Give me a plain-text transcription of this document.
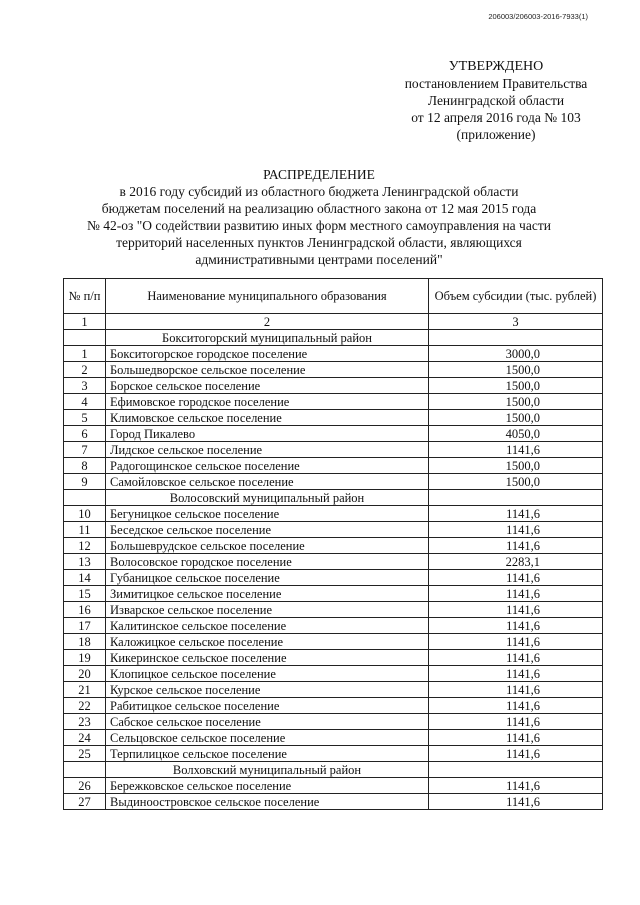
206003/206003-2016-7933(1)
УТВЕРЖДЕНО
постановлением Правительства
Ленинградской области
от 12 апреля 2016 года № 103
(приложение)
РАСПРЕДЕЛЕНИЕ
в 2016 году субсидий из областного бюджета Ленинградской области
бюджетам поселений на реализацию областного закона от 12 мая 2015 года
№ 42-оз "О содействии развитию иных форм местного самоуправления на части
территорий населенных пунктов Ленинградской области, являющихся
административными центрами поселений"
№ п/п	Наименование муниципального образования	Объем субсидии (тыс. рублей)
1	2	3
	Бокситогорский муниципальный район	
1	Бокситогорское городское поселение	3000,0
2	Большедворское сельское поселение	1500,0
3	Борское сельское поселение	1500,0
4	Ефимовское городское поселение	1500,0
5	Климовское сельское поселение	1500,0
6	Город Пикалево	4050,0
7	Лидское сельское поселение	1141,6
8	Радогощинское сельское поселение	1500,0
9	Самойловское сельское поселение	1500,0
	Волосовский муниципальный район	
10	Бегуницкое сельское поселение	1141,6
11	Беседское сельское поселение	1141,6
12	Большеврудское сельское поселение	1141,6
13	Волосовское городское поселение	2283,1
14	Губаницкое сельское поселение	1141,6
15	Зимитицкое сельское поселение	1141,6
16	Изварское сельское поселение	1141,6
17	Калитинское сельское поселение	1141,6
18	Каложицкое сельское поселение	1141,6
19	Кикеринское сельское поселение	1141,6
20	Клопицкое сельское поселение	1141,6
21	Курское сельское поселение	1141,6
22	Рабитицкое сельское поселение	1141,6
23	Сабское сельское поселение	1141,6
24	Сельцовское сельское поселение	1141,6
25	Терпилицкое сельское поселение	1141,6
	Волховский муниципальный район	
26	Бережковское сельское поселение	1141,6
27	Выдиноостровское сельское поселение	1141,6
